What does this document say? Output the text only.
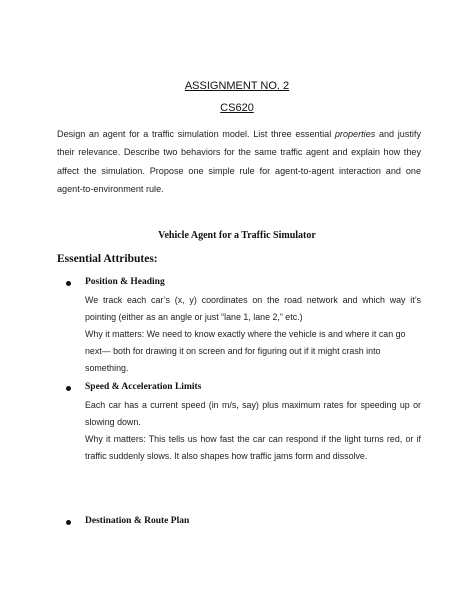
ASSIGNMENT NO. 2
CS620
Design an agent for a traffic simulation model. List three essential properties and justify their relevance. Describe two behaviors for the same traffic agent and explain how they affect the simulation. Propose one simple rule for agent-to-agent interaction and one agent-to-environment rule.
Vehicle Agent for a Traffic Simulator
Essential Attributes:
Position & Heading

We track each car’s (x, y) coordinates on the road network and which way it’s pointing (either as an angle or just “lane 1, lane 2,” etc.)

Why it matters: We need to know exactly where the vehicle is and where it can go next— both for drawing it on screen and for figuring out if it might crash into something.

Speed & Acceleration Limits

Each car has a current speed (in m/s, say) plus maximum rates for speeding up or slowing down.

Why it matters: This tells us how fast the car can respond if the light turns red, or if traffic suddenly slows. It also shapes how traffic jams form and dissolve.

Destination & Route Plan
